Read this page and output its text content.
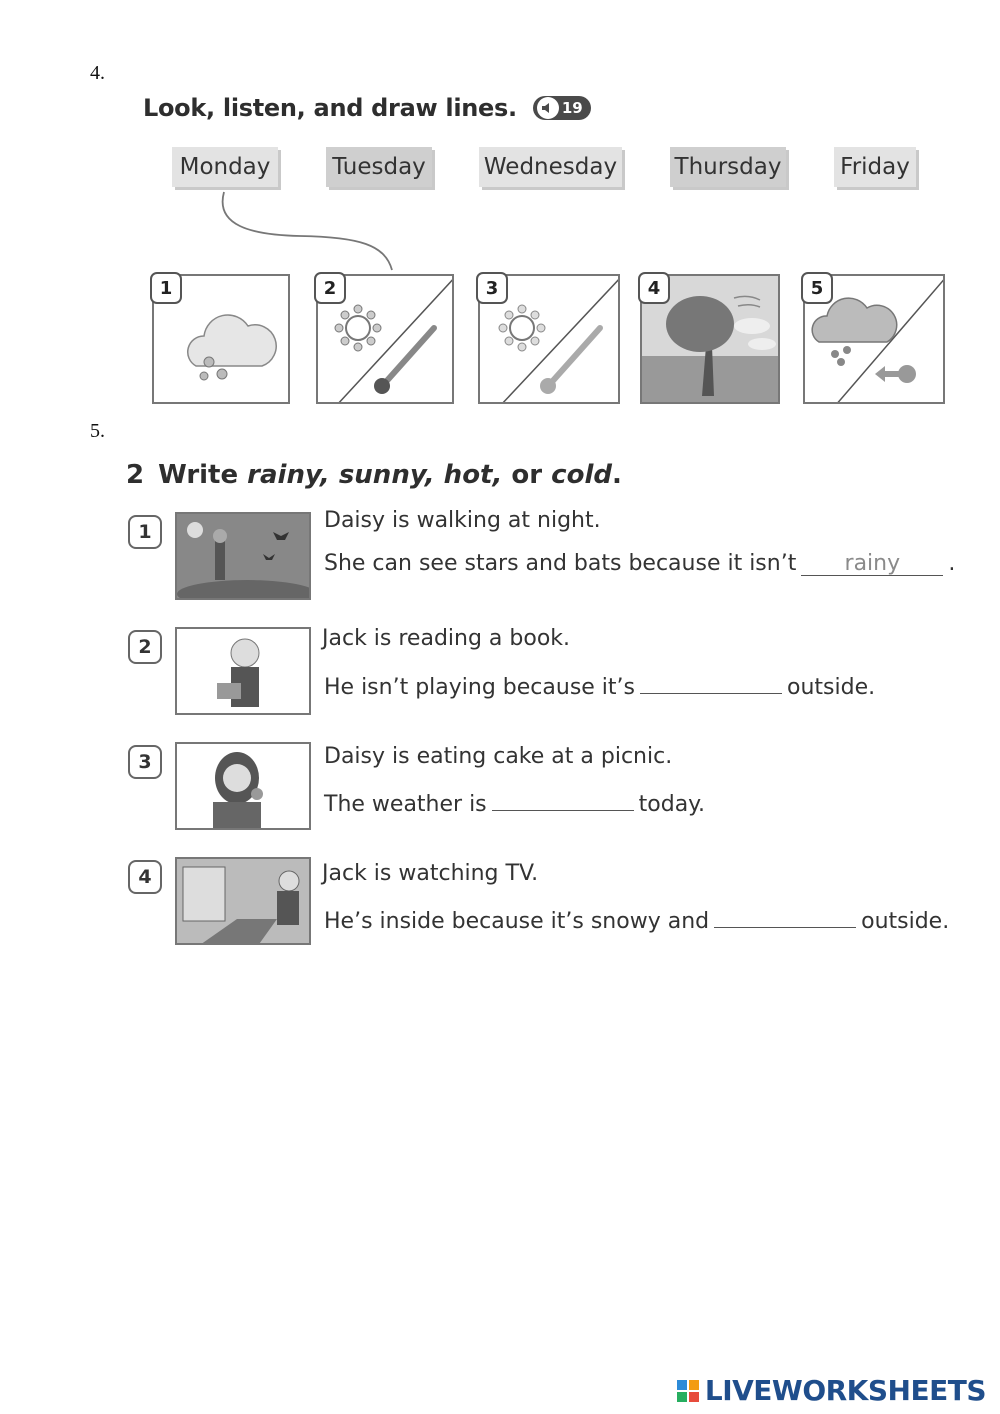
4.
Look, listen, and draw lines.	19
Monday	Tuesday	Wednesday Thursday	Friday
1	2	3	4	5
5.
2 Write rainy, sunny, hot, or cold.
1	Daisy is walking at night.
She can see stars and bats because it isn’t rainy .
2	Jack is reading a book.
He isn’t playing because it’s	outside.
3	Daisy is eating cake at a picnic.
The weather is	today.
4	Jack is watching TV.
He’s inside because it’s snowy and	outside.
LIVEWORKSHEETS
